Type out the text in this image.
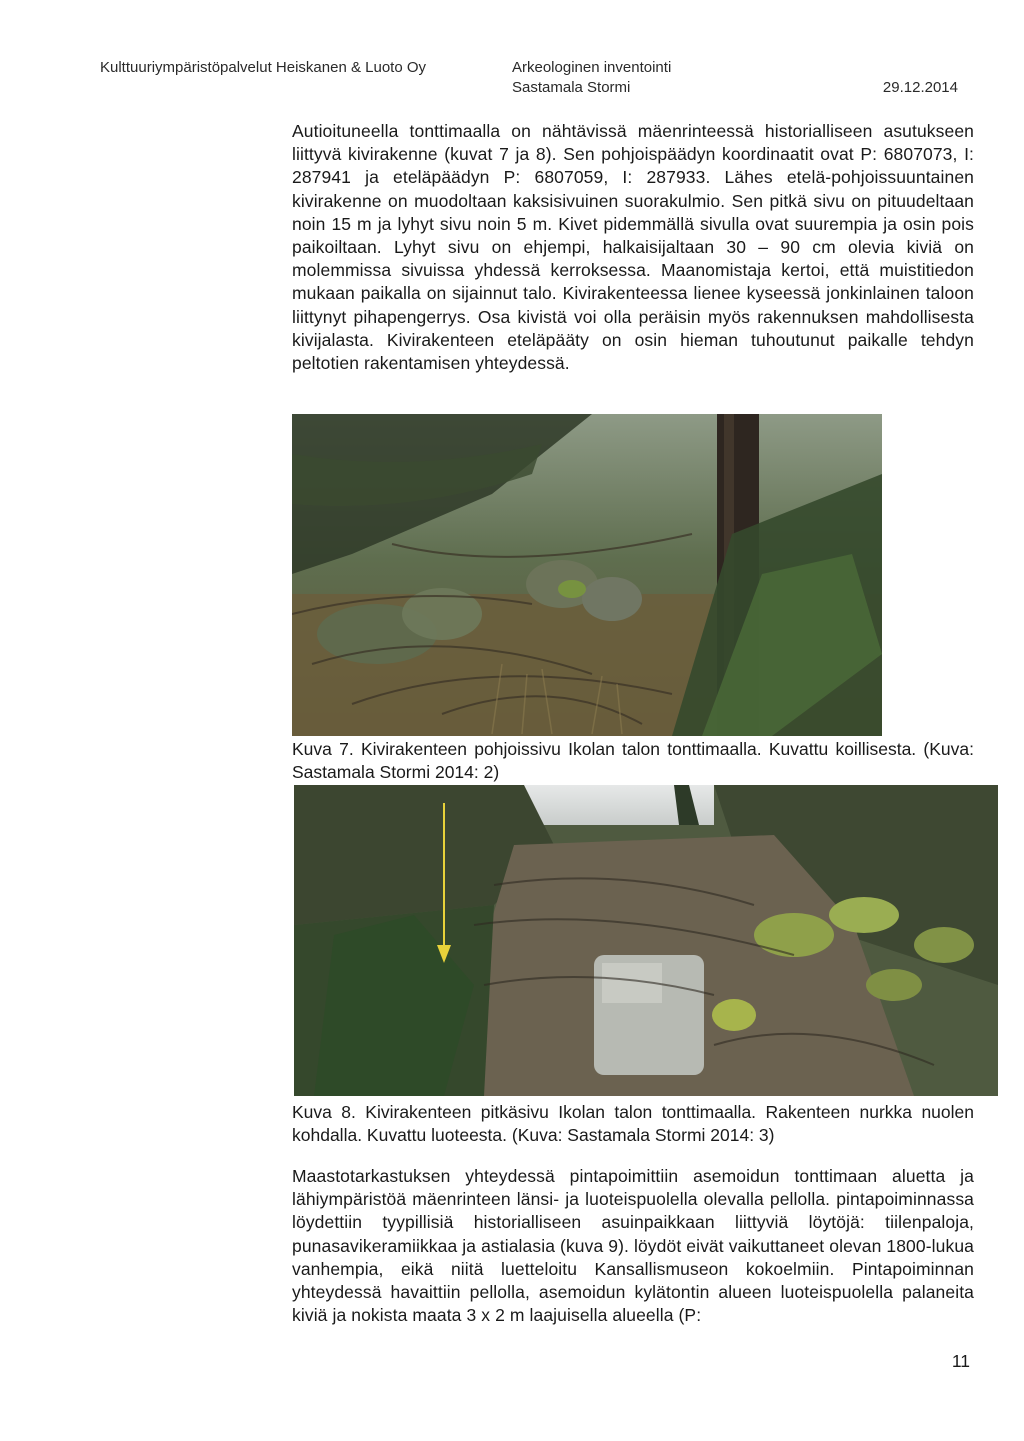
Kulttuuriympäristöpalvelut Heiskanen & Luoto Oy	Arkeologinen inventointi
Sastamala Stormi	29.12.2014
Autioituneella tonttimaalla on nähtävissä mäenrinteessä historialliseen asutukseen liittyvä kivirakenne (kuvat 7 ja 8). Sen pohjoispäädyn koordinaatit ovat P: 6807073, I: 287941 ja eteläpäädyn P: 6807059, I: 287933. Lähes etelä-pohjoissuuntainen kivirakenne on muodoltaan kaksisivuinen suorakulmio. Sen pitkä sivu on pituudeltaan noin 15 m ja lyhyt sivu noin 5 m. Kivet pidemmällä sivulla ovat suurempia ja osin pois paikoiltaan. Lyhyt sivu on ehjempi, halkaisijaltaan 30 – 90 cm olevia kiviä on molemmissa sivuissa yhdessä kerroksessa. Maanomistaja kertoi, että muistitiedon mukaan paikalla on sijainnut talo. Kivirakenteessa lienee kyseessä jonkinlainen taloon liittynyt pihapengerrys. Osa kivistä voi olla peräisin myös rakennuksen mahdollisesta kivijalasta. Kivirakenteen eteläpääty on osin hieman tuhoutunut paikalle tehdyn peltotien rakentamisen yhteydessä.
Kuva 7. Kivirakenteen pohjoissivu Ikolan talon tonttimaalla. Kuvattu koillisesta. (Kuva: Sastamala Stormi 2014: 2)
Kuva 8. Kivirakenteen pitkäsivu Ikolan talon tonttimaalla. Rakenteen nurkka nuolen kohdalla. Kuvattu luoteesta. (Kuva: Sastamala Stormi 2014: 3)
Maastotarkastuksen yhteydessä pintapoimittiin asemoidun tonttimaan aluetta ja lähiympäristöä mäenrinteen länsi- ja luoteispuolella olevalla pellolla. pintapoiminnassa löydettiin tyypillisiä historialliseen asuinpaikkaan liittyviä löytöjä: tiilenpaloja, punasavikeramiikkaa ja astialasia (kuva 9). löydöt eivät vaikuttaneet olevan 1800-lukua vanhempia, eikä niitä luetteloitu Kansallismuseon kokoelmiin. Pintapoiminnan yhteydessä havaittiin pellolla, asemoidun kylätontin alueen luoteispuolella palaneita kiviä ja nokista maata 3 x 2 m laajuisella alueella (P:
11
